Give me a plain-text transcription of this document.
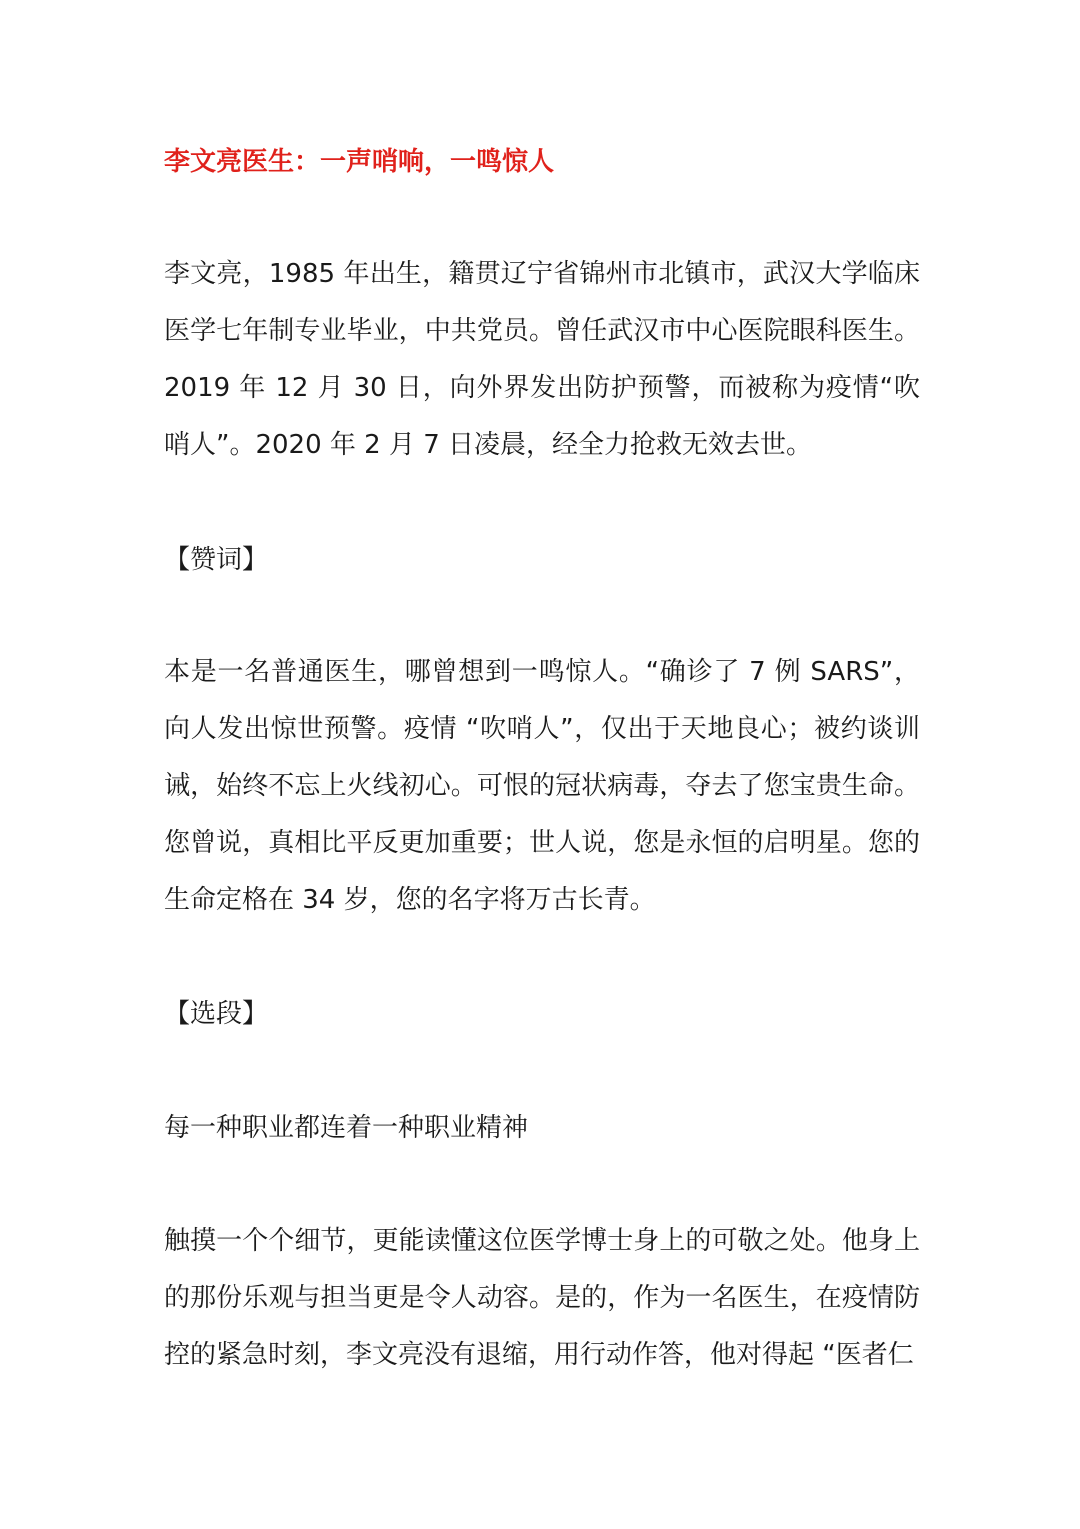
李文亮医生：一声哨响，一鸣惊人

李文亮，1985 年出生，籍贯辽宁省锦州市北镇市，武汉大学临床医学七年制专业毕业，中共党员。曾任武汉市中心医院眼科医生。2019 年 12 月 30 日，向外界发出防护预警，而被称为疫情“吹哨人”。2020 年 2 月 7 日凌晨，经全力抢救无效去世。

【赞词】

本是一名普通医生，哪曾想到一鸣惊人。“确诊了 7 例 SARS”，向人发出惊世预警。疫情 “吹哨人”，仅出于天地良心；被约谈训诫，始终不忘上火线初心。可恨的冠状病毒，夺去了您宝贵生命。您曾说，真相比平反更加重要；世人说，您是永恒的启明星。您的生命定格在 34 岁，您的名字将万古长青。

【选段】
每一种职业都连着一种职业精神

触摸一个个细节，更能读懂这位医学博士身上的可敬之处。他身上的那份乐观与担当更是令人动容。是的，作为一名医生，在疫情防控的紧急时刻，李文亮没有退缩，用行动作答，他对得起 “医者仁
